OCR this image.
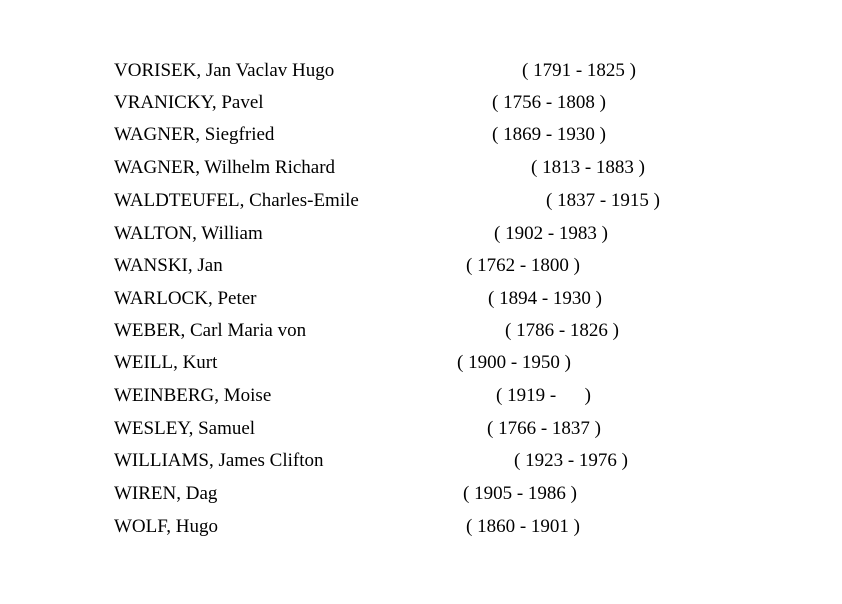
VORISEK, Jan Vaclav Hugo

	( 1791 - 1825 )

VRANICKY, Pavel

	( 1756 - 1808 )

WAGNER, Siegfried

	( 1869 - 1930 )

WAGNER, Wilhelm Richard

	( 1813 - 1883 )

WALDTEUFEL, Charles-Emile

	( 1837 - 1915 )

WALTON, William

	( 1902 - 1983 )

WANSKI, Jan

	( 1762 - 1800 )

WARLOCK, Peter

	( 1894 - 1930 )

WEBER, Carl Maria von

	( 1786 - 1826 )

WEILL, Kurt

	( 1900 - 1950 )

WEINBERG, Moise

	( 1919 -      )

WESLEY, Samuel

	( 1766 - 1837 )

WILLIAMS, James Clifton

	( 1923 - 1976 )

WIREN, Dag

	( 1905 - 1986 )

WOLF, Hugo

	( 1860 - 1901 )
